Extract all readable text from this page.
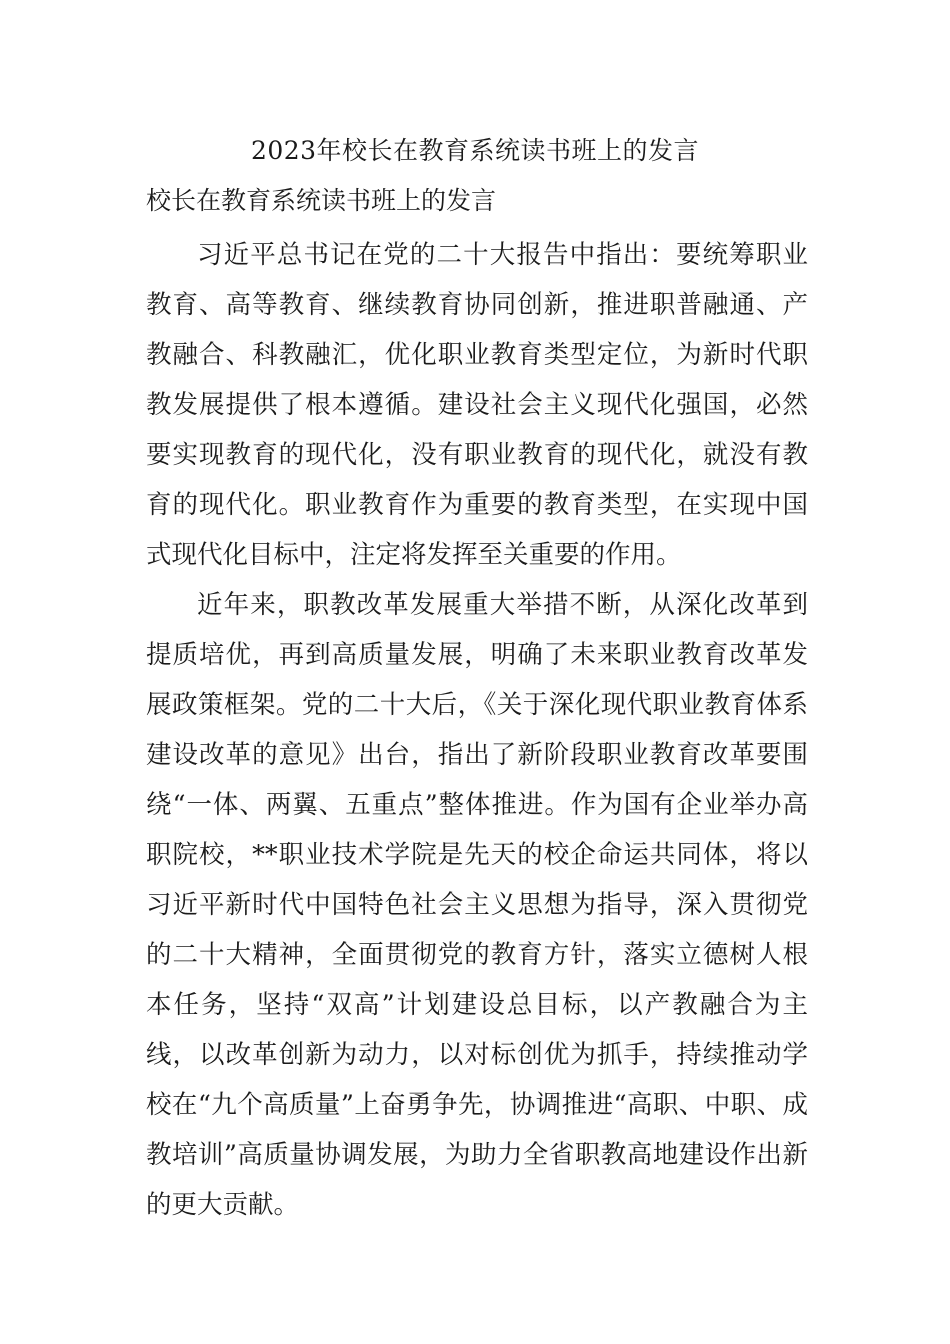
2023年校长在教育系统读书班上的发言
校长在教育系统读书班上的发言

习近平总书记在党的二十大报告中指出：要统筹职业教育、高等教育、继续教育协同创新，推进职普融通、产教融合、科教融汇，优化职业教育类型定位，为新时代职教发展提供了根本遵循。建设社会主义现代化强国，必然要实现教育的现代化，没有职业教育的现代化，就没有教育的现代化。职业教育作为重要的教育类型，在实现中国式现代化目标中，注定将发挥至关重要的作用。

近年来，职教改革发展重大举措不断，从深化改革到提质培优，再到高质量发展，明确了未来职业教育改革发展政策框架。党的二十大后，《关于深化现代职业教育体系建设改革的意见》出台，指出了新阶段职业教育改革要围绕“一体、两翼、五重点”整体推进。作为国有企业举办高职院校，**职业技术学院是先天的校企命运共同体，将以习近平新时代中国特色社会主义思想为指导，深入贯彻党的二十大精神，全面贯彻党的教育方针，落实立德树人根本任务，坚持“双高”计划建设总目标，以产教融合为主线，以改革创新为动力，以对标创优为抓手，持续推动学校在“九个高质量”上奋勇争先，协调推进“高职、中职、成教培训”高质量协调发展，为助力全省职教高地建设作出新的更大贡献。
